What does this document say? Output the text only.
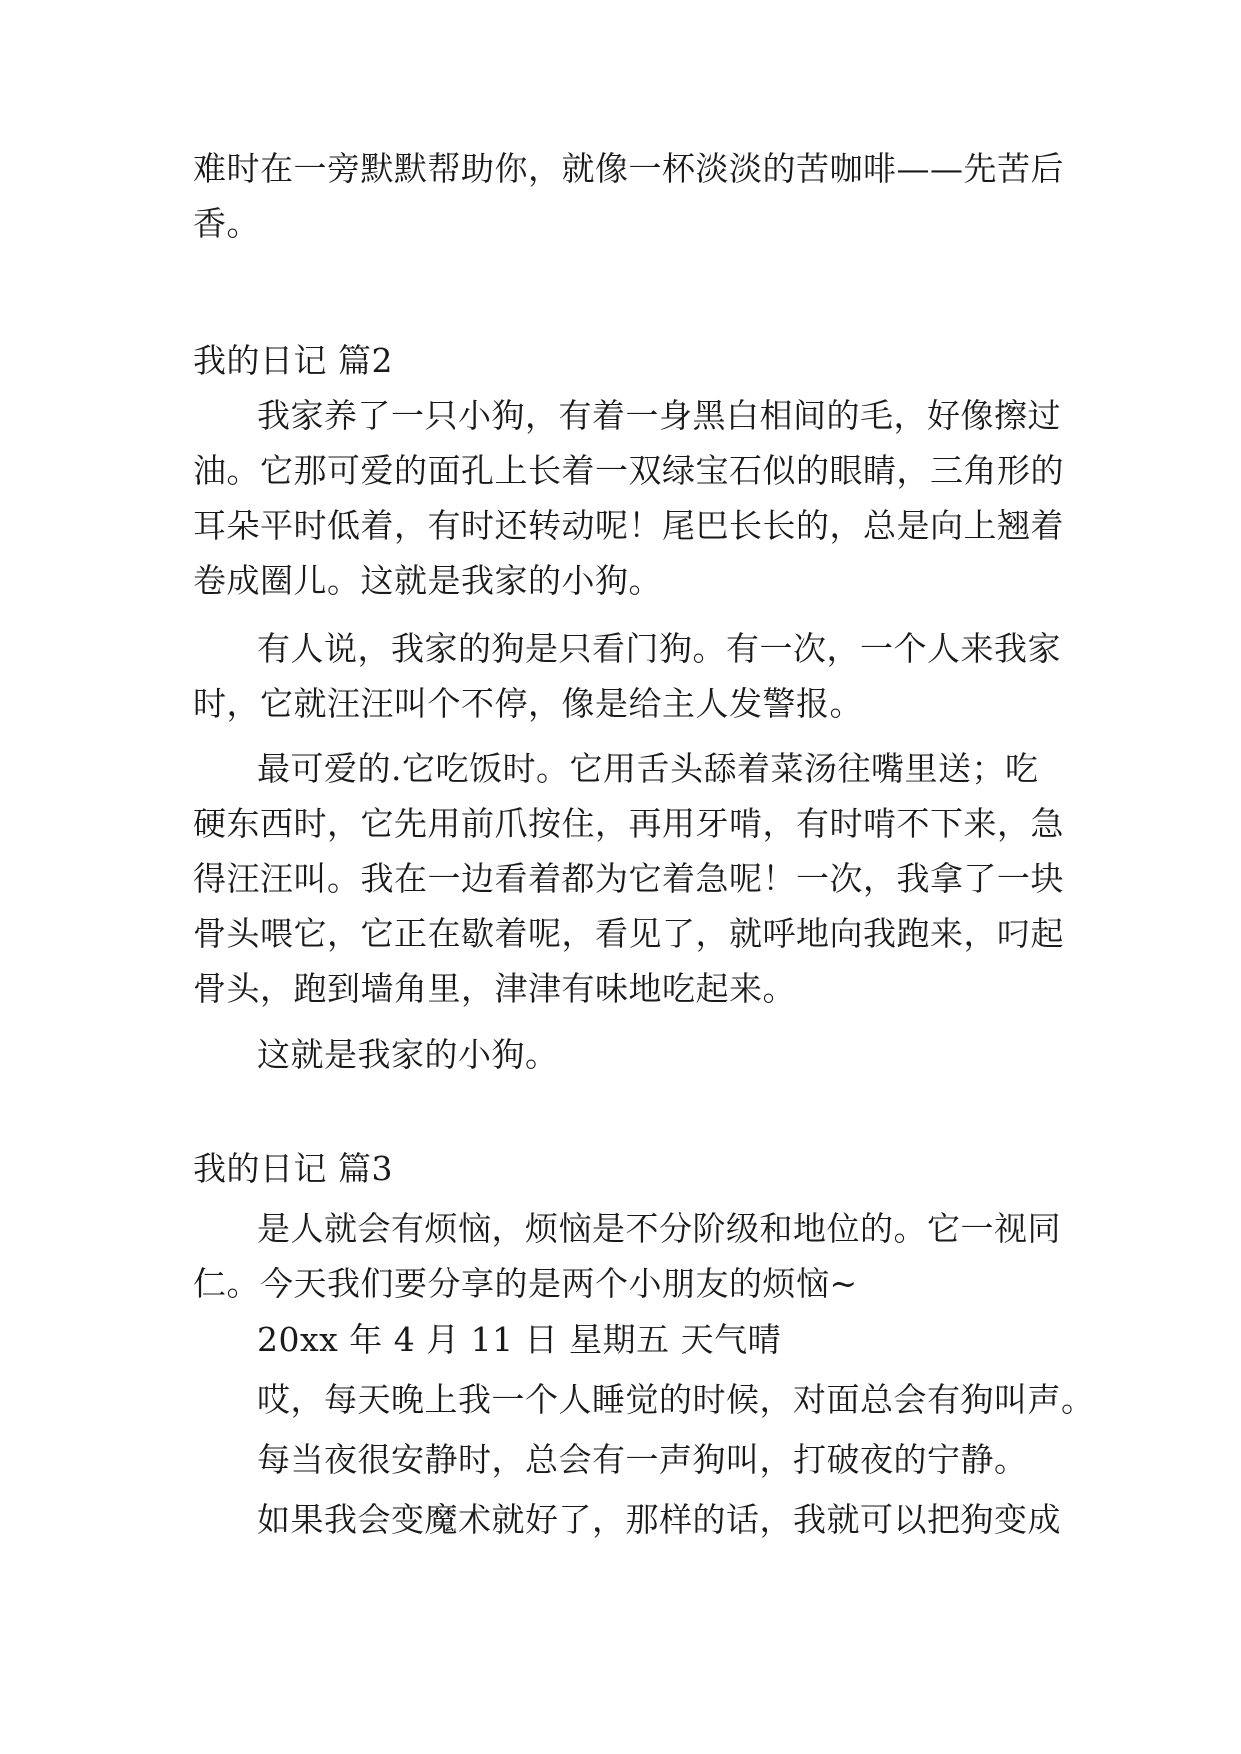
难时在一旁默默帮助你，就像一杯淡淡的苦咖啡——先苦后
香。
我的日记 篇2
我家养了一只小狗，有着一身黑白相间的毛，好像擦过
油。它那可爱的面孔上长着一双绿宝石似的眼睛，三角形的
耳朵平时低着，有时还转动呢！尾巴长长的，总是向上翘着
卷成圈儿。这就是我家的小狗。
有人说，我家的狗是只看门狗。有一次，一个人来我家
时，它就汪汪叫个不停，像是给主人发警报。
最可爱的.它吃饭时。它用舌头舔着菜汤往嘴里送；吃
硬东西时，它先用前爪按住，再用牙啃，有时啃不下来，急
得汪汪叫。我在一边看着都为它着急呢！一次，我拿了一块
骨头喂它，它正在歇着呢，看见了，就呼地向我跑来，叼起
骨头，跑到墙角里，津津有味地吃起来。
这就是我家的小狗。
我的日记 篇3
是人就会有烦恼，烦恼是不分阶级和地位的。它一视同
仁。今天我们要分享的是两个小朋友的烦恼~
20xx 年 4 月 11 日 星期五 天气晴
哎，每天晚上我一个人睡觉的时候，对面总会有狗叫声。
每当夜很安静时，总会有一声狗叫，打破夜的宁静。
如果我会变魔术就好了，那样的话，我就可以把狗变成
